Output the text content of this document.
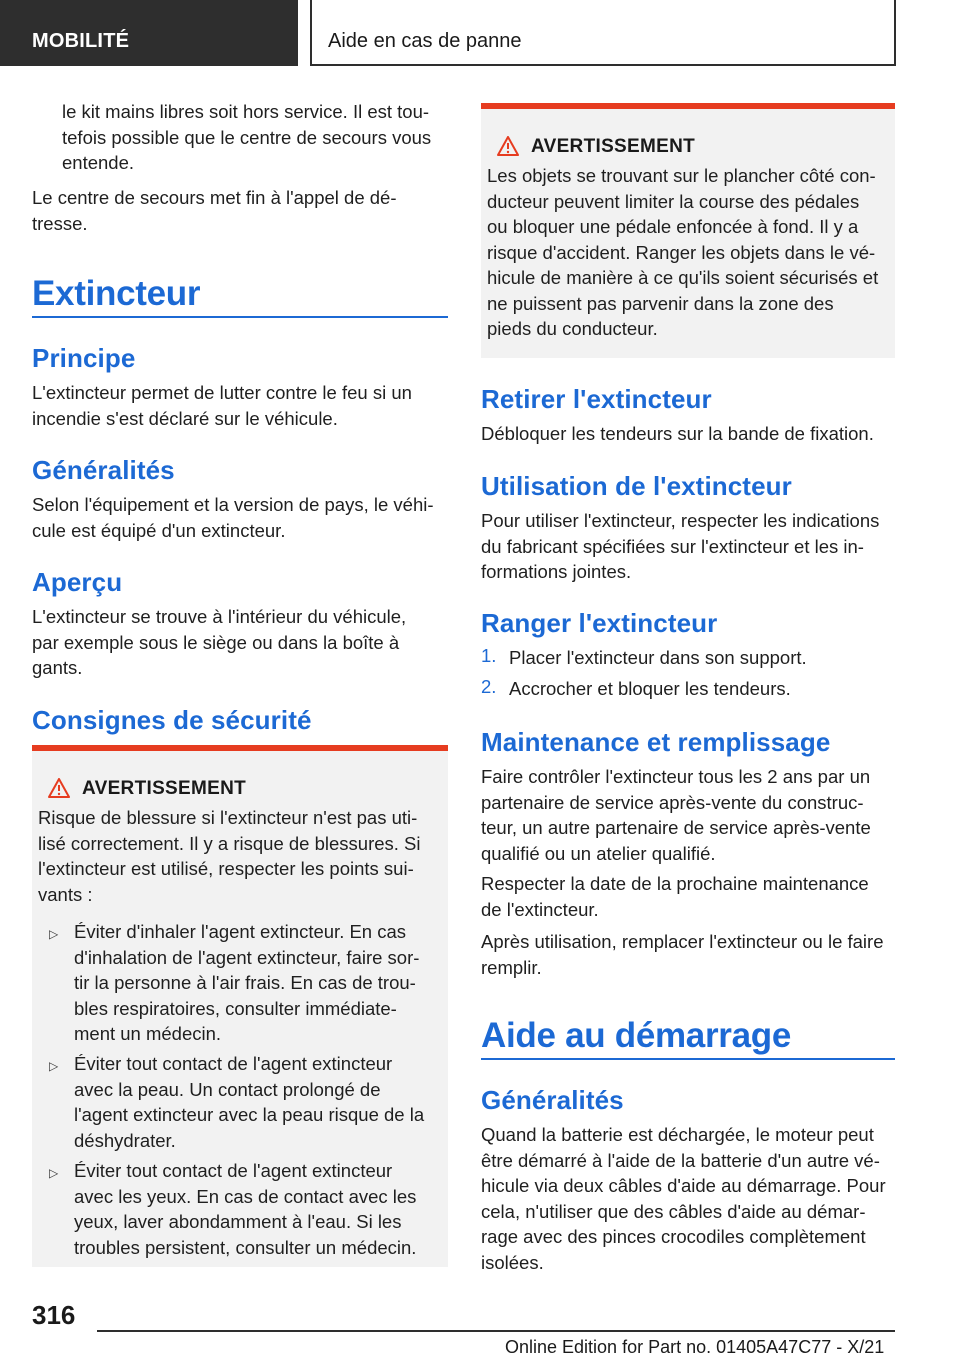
MOBILITÉ	Aide en cas de panne

le kit mains libres soit hors service. Il est tou-

tefois possible que le centre de secours vous

entende.

Le centre de secours met fin à l'appel de dé-

tresse.

Extincteur
Principe

L'extincteur permet de lutter contre le feu si un

incendie s'est déclaré sur le véhicule.

Généralités

Selon l'équipement et la version de pays, le véhi-

cule est équipé d'un extincteur.

Aperçu

L'extincteur se trouve à l'intérieur du véhicule,

par exemple sous le siège ou dans la boîte à

gants.

Consignes de sécurité
AVERTISSEMENT

Risque de blessure si l'extincteur n'est pas uti-

lisé correctement. Il y a risque de blessures. Si

l'extincteur est utilisé, respecter les points sui-

vants :

▷ Éviter d'inhaler l'agent extincteur. En cas

d'inhalation de l'agent extincteur, faire sor-

tir la personne à l'air frais. En cas de trou-

bles respiratoires, consulter immédiate-

ment un médecin.

▷ Éviter tout contact de l'agent extincteur

avec la peau. Un contact prolongé de

l'agent extincteur avec la peau risque de la

déshydrater.

▷ Éviter tout contact de l'agent extincteur

avec les yeux. En cas de contact avec les

yeux, laver abondamment à l'eau. Si les

troubles persistent, consulter un médecin.

AVERTISSEMENT

Les objets se trouvant sur le plancher côté con-

ducteur peuvent limiter la course des pédales

ou bloquer une pédale enfoncée à fond. Il y a

risque d'accident. Ranger les objets dans le vé-

hicule de manière à ce qu'ils soient sécurisés et

ne puissent pas parvenir dans la zone des

pieds du conducteur.

Retirer l'extincteur

Débloquer les tendeurs sur la bande de fixation.

Utilisation de l'extincteur

Pour utiliser l'extincteur, respecter les indications

du fabricant spécifiées sur l'extincteur et les in-

formations jointes.

Ranger l'extincteur
1. Placer l'extincteur dans son support.

2. Accrocher et bloquer les tendeurs.

Maintenance et remplissage

Faire contrôler l'extincteur tous les 2 ans par un

partenaire de service après-vente du construc-

teur, un autre partenaire de service après-vente

qualifié ou un atelier qualifié.

Respecter la date de la prochaine maintenance

de l'extincteur.

Après utilisation, remplacer l'extincteur ou le faire

remplir.

Aide au démarrage
Généralités

Quand la batterie est déchargée, le moteur peut

être démarré à l'aide de la batterie d'un autre vé-

hicule via deux câbles d'aide au démarrage. Pour

cela, n'utiliser que des câbles d'aide au démar-

rage avec des pinces crocodiles complètement

isolées.

316
Online Edition for Part no. 01405A47C77 - X/21
